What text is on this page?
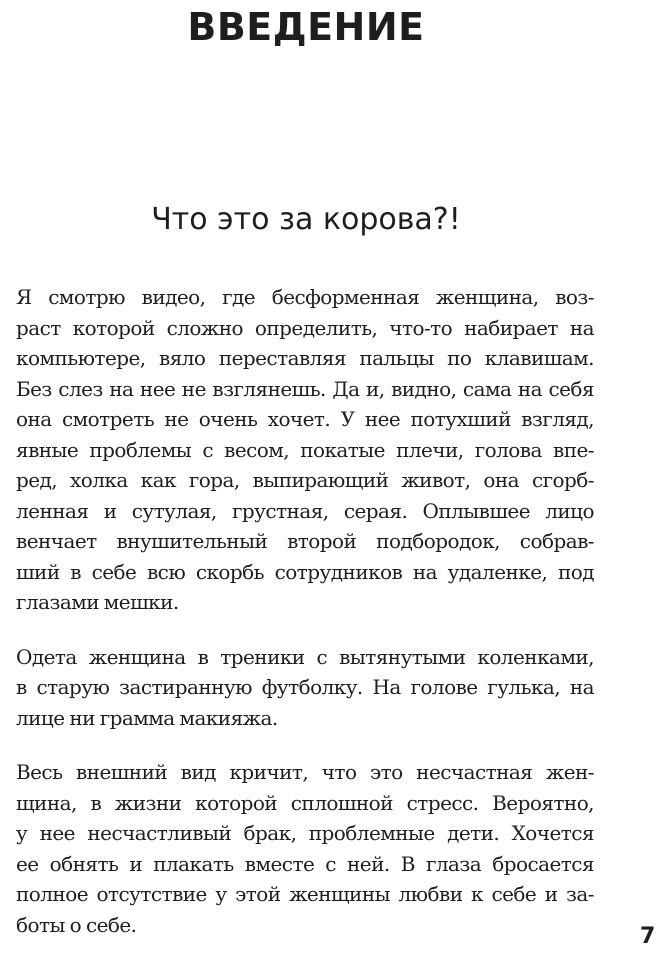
ВВЕДЕНИЕ
Что это за корова?!

Я смотрю видео, где бесформенная женщина, воз-
раст которой сложно определить, что-то набирает на
компьютере, вяло переставляя пальцы по клавишам.
Без слез на нее не взглянешь. Да и, видно, сама на себя
она смотреть не очень хочет. У нее потухший взгляд,
явные проблемы с весом, покатые плечи, голова впе-
ред, холка как гора, выпирающий живот, она сгорб-
ленная и сутулая, грустная, серая. Оплывшее лицо
венчает внушительный второй подбородок, собрав-
ший в себе всю скорбь сотрудников на удаленке, под
глазами мешки.

Одета женщина в треники с вытянутыми коленками,
в старую застиранную футболку. На голове гулька, на
лице ни грамма макияжа.

Весь внешний вид кричит, что это несчастная жен-
щина, в жизни которой сплошной стресс. Вероятно,
у нее несчастливый брак, проблемные дети. Хочется
ее обнять и плакать вместе с ней. В глаза бросается
полное отсутствие у этой женщины любви к себе и за-
боты о себе.	7
